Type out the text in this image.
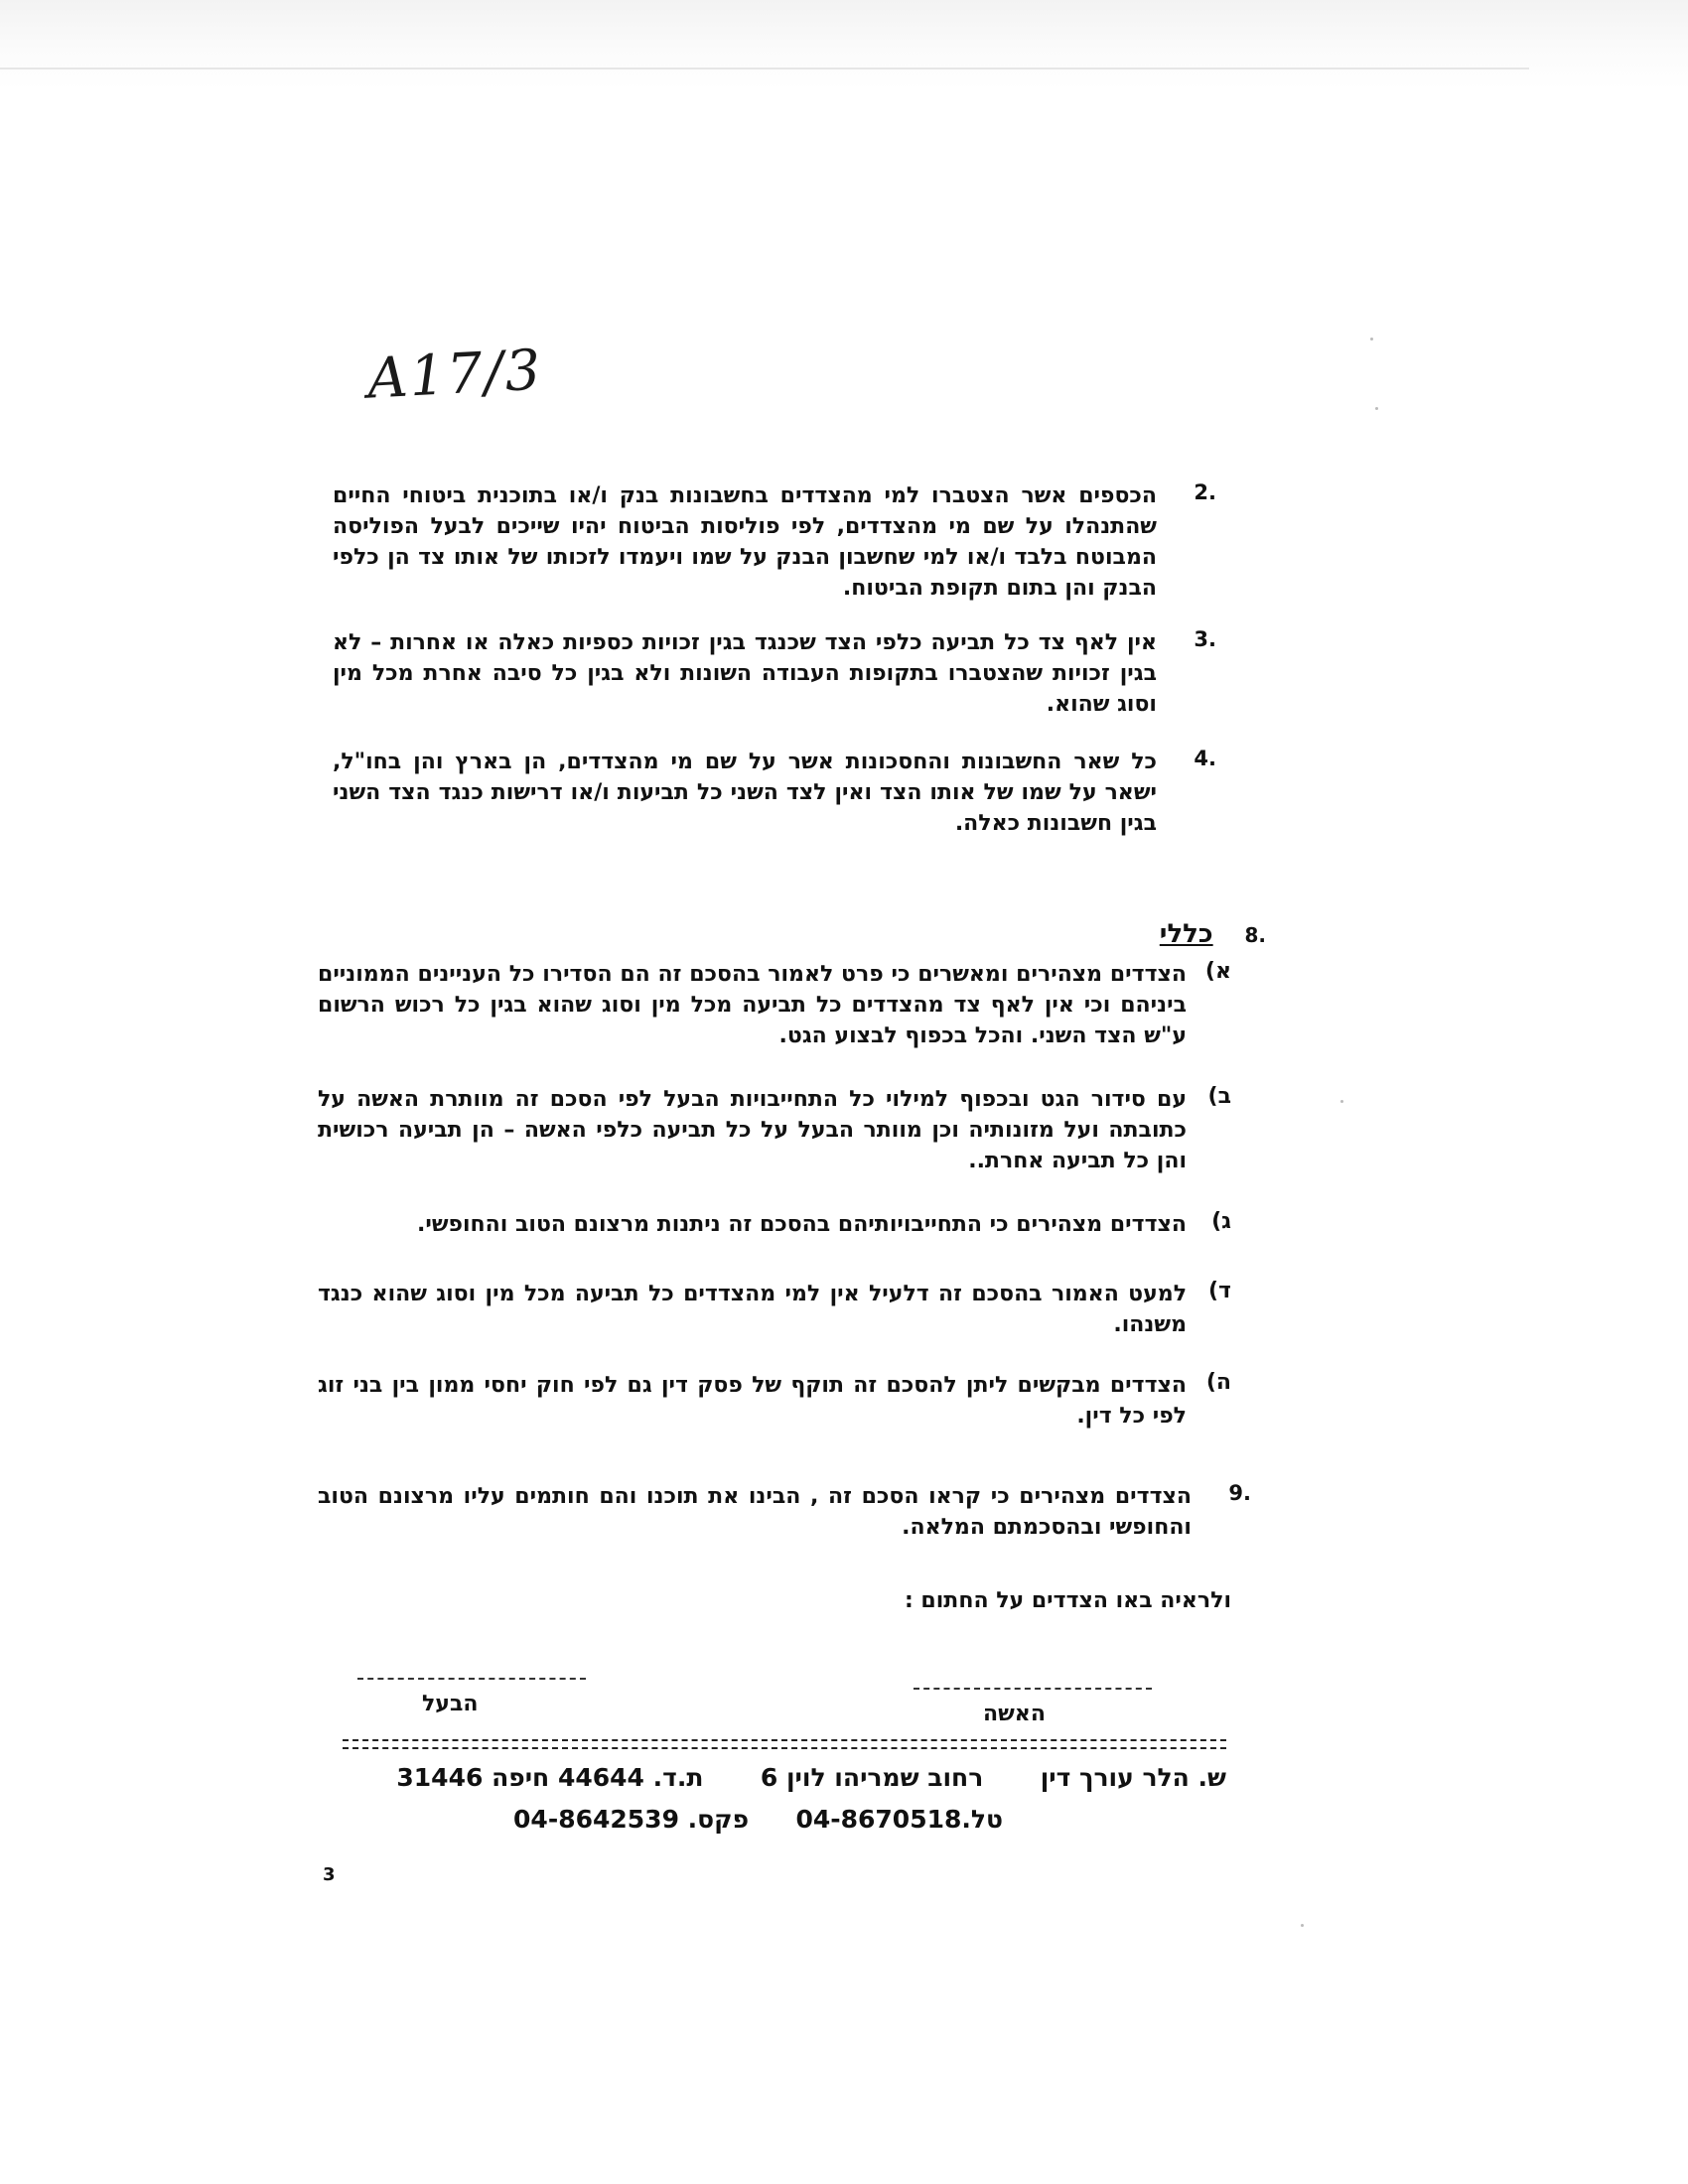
A17/3
.2
הכספים אשר הצטברו למי מהצדדים בחשבונות בנק ו/או בתוכנית ביטוחי החיים שהתנהלו על שם מי מהצדדים, לפי פוליסות הביטוח יהיו שייכים לבעל הפוליסה המבוטח בלבד ו/או למי שחשבון הבנק על שמו ויעמדו לזכותו של אותו צד הן כלפי הבנק והן בתום תקופת הביטוח.
.3
אין לאף צד כל תביעה כלפי הצד שכנגד בגין זכויות כספיות כאלה או אחרות – לא בגין זכויות שהצטברו בתקופות העבודה השונות ולא בגין כל סיבה אחרת מכל מין וסוג שהוא.
.4
כל שאר החשבונות והחסכונות אשר על שם מי מהצדדים, הן בארץ והן בחו"ל, ישאר על שמו של אותו הצד ואין לצד השני כל תביעות ו/או דרישות כנגד הצד השני בגין חשבונות כאלה.
.8 כללי
א)
הצדדים מצהירים ומאשרים כי פרט לאמור בהסכם זה הם הסדירו כל העניינים הממוניים ביניהם וכי אין לאף צד מהצדדים כל תביעה מכל מין וסוג שהוא בגין כל רכוש הרשום ע"ש הצד השני. והכל בכפוף לבצוע הגט.
ב)
עם סידור הגט ובכפוף למילוי כל התחייבויות הבעל לפי הסכם זה מוותרת האשה על כתובתה ועל מזונותיה וכן מוותר הבעל על כל תביעה כלפי האשה – הן תביעה רכושית והן כל תביעה אחרת..
ג)
הצדדים מצהירים כי התחייבויותיהם בהסכם זה ניתנות מרצונם הטוב והחופשי.
ד)
למעט האמור בהסכם זה דלעיל אין למי מהצדדים כל תביעה מכל מין וסוג שהוא כנגד משנהו.
ה)
הצדדים מבקשים ליתן להסכם זה תוקף של פסק דין גם לפי חוק יחסי ממון בין בני זוג לפי כל דין.
.9
הצדדים מצהירים כי קראו הסכם זה , הבינו את תוכנו והם חותמים עליו מרצונם הטוב והחופשי ובהסכמתם המלאה.
ולראיה באו הצדדים על החתום :
הבעל	האשה
ש. הלר עורך דין  רחוב שמריהו לוין 6  ת.ד. 44644 חיפה 31446
טל.04-8670518  פקס. 04-8642539
3
